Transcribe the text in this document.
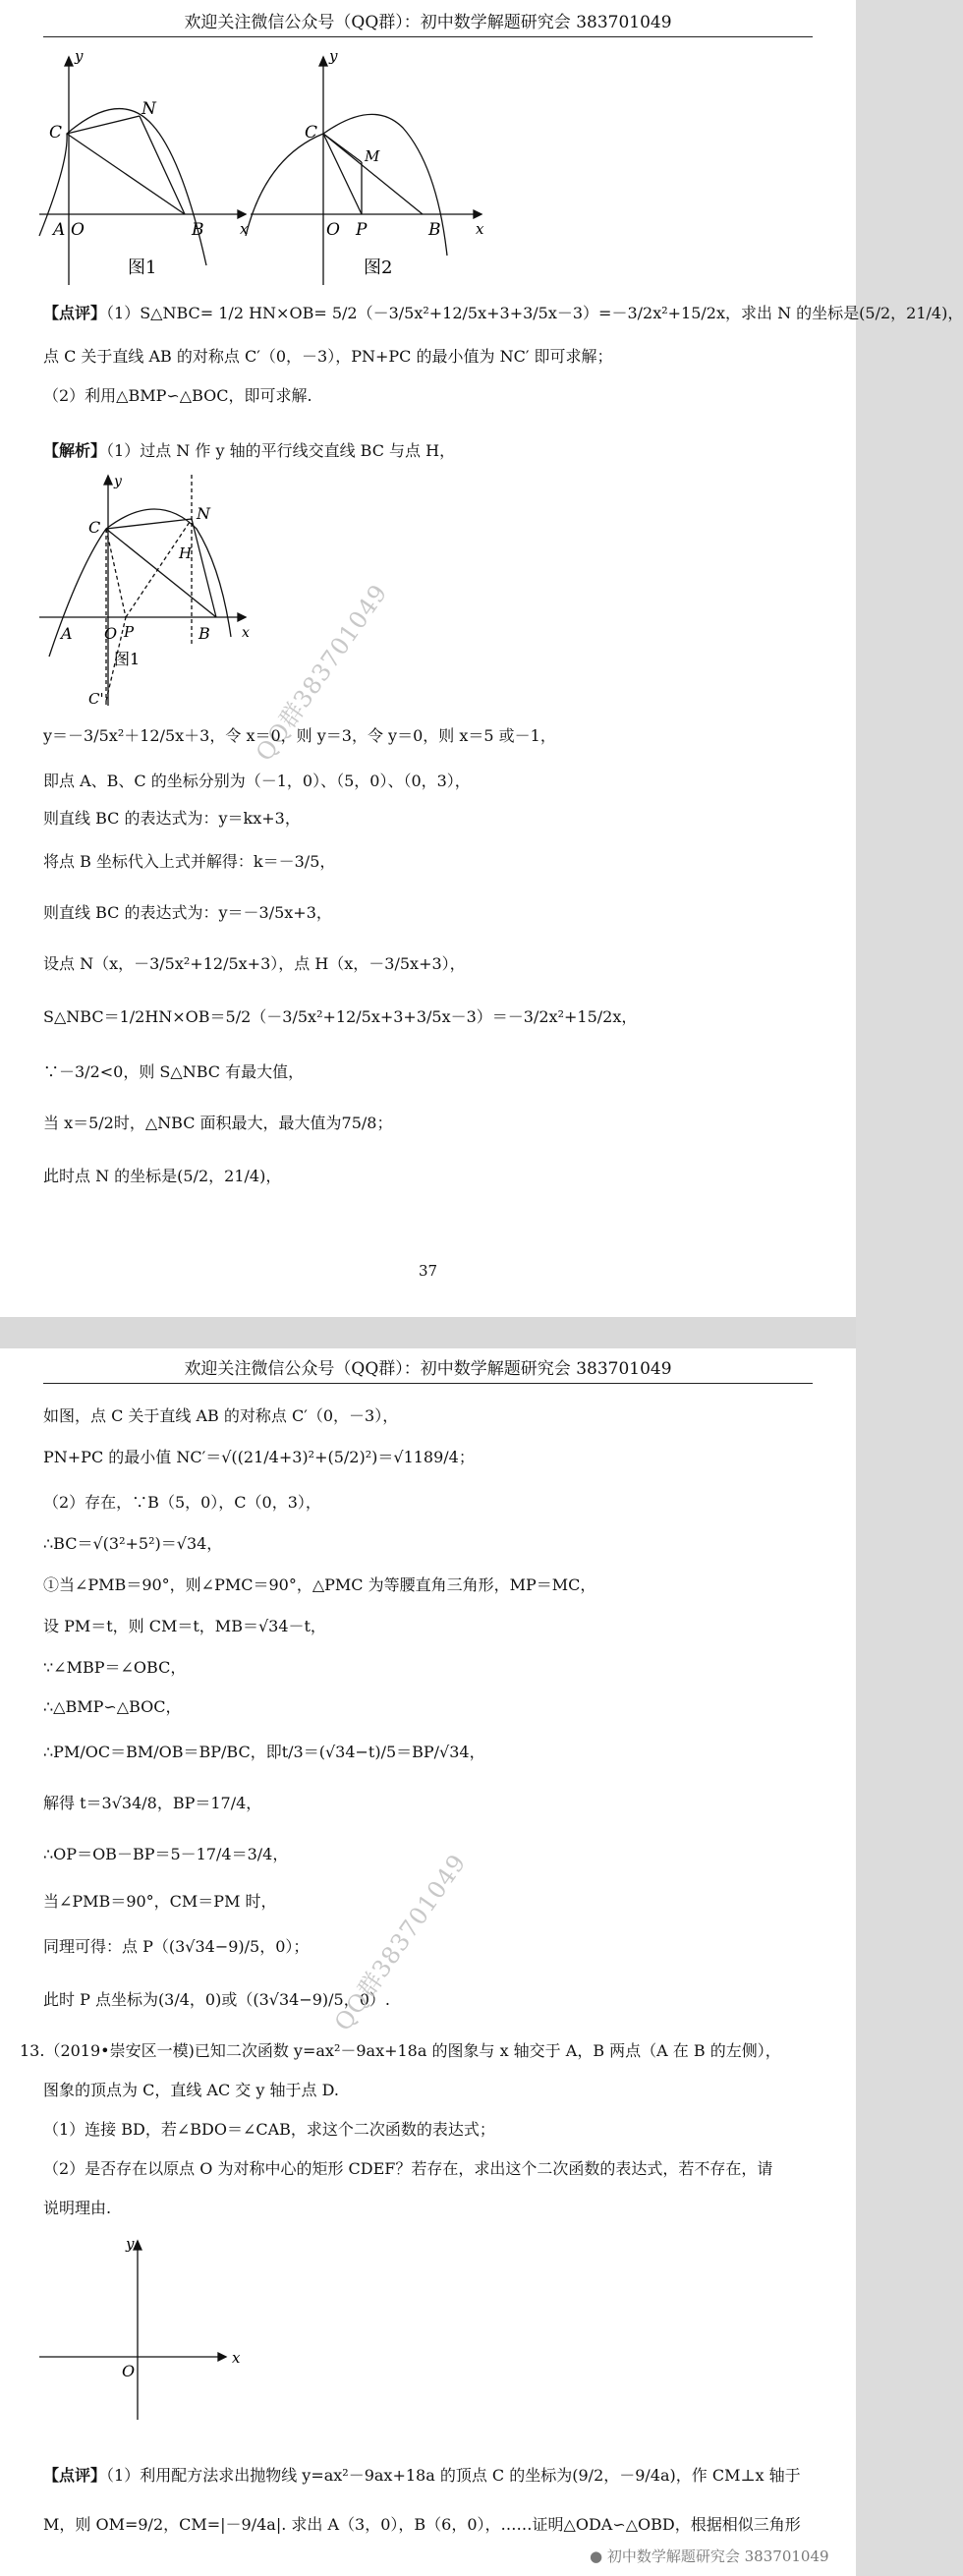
欢迎关注微信公众号（QQ群）：初中数学解题研究会 383701049
y
C
N
A O	B x
图1
y
C
M
O P	B x
图2
【点评】（1）S△NBC= 1/2 HN×OB= 5/2（－3/5x²+12/5x+3+3/5x－3）=－3/2x²+15/2x，求出 N 的坐标是(5/2，21/4)，
点 C 关于直线 AB 的对称点 C′（0，－3），PN+PC 的最小值为 NC′ 即可求解；
（2）利用△BMP∽△BOC，即可求解.
【解析】（1）过点 N 作 y 轴的平行线交直线 BC 与点 H，
y
C
N
H
A O P	B x
图1
C'	QQ群383701049
y＝－3/5x²＋12/5x＋3，令 x＝0，则 y＝3，令 y＝0，则 x＝5 或－1，
即点 A、B、C 的坐标分别为（－1，0）、（5，0）、（0，3），
则直线 BC 的表达式为：y＝kx+3，
将点 B 坐标代入上式并解得：k＝－3/5，
则直线 BC 的表达式为：y＝－3/5x+3，
设点 N（x，－3/5x²+12/5x+3），点 H（x，－3/5x+3），
S△NBC＝1/2HN×OB＝5/2（－3/5x²+12/5x+3+3/5x－3）＝－3/2x²+15/2x，
∵－3/2<0，则 S△NBC 有最大值，
当 x＝5/2时，△NBC 面积最大，最大值为75/8；
此时点 N 的坐标是(5/2，21/4)，
37
欢迎关注微信公众号（QQ群）：初中数学解题研究会 383701049
如图，点 C 关于直线 AB 的对称点 C′（0，－3），
PN+PC 的最小值 NC′＝√((21/4+3)²+(5/2)²)＝√1189/4；
（2）存在，∵B（5，0），C（0，3），
∴BC＝√(3²+5²)＝√34，
①当∠PMB＝90°，则∠PMC＝90°，△PMC 为等腰直角三角形，MP＝MC，
设 PM＝t，则 CM＝t，MB＝√34－t，
∵∠MBP＝∠OBC，
∴△BMP∽△BOC，
∴PM/OC＝BM/OB＝BP/BC，即t/3＝(√34−t)/5＝BP/√34，
解得 t＝3√34/8，BP＝17/4，
∴OP＝OB－BP＝5－17/4＝3/4，
当∠PMB＝90°，CM＝PM 时，
同理可得：点 P（(3√34−9)/5，0）；
此时 P 点坐标为(3/4，0)或（(3√34−9)/5，0）.
QQ群383701049
13.（2019•崇安区一模)已知二次函数 y=ax²－9ax+18a 的图象与 x 轴交于 A，B 两点（A 在 B 的左侧），
图象的顶点为 C，直线 AC 交 y 轴于点 D.
（1）连接 BD，若∠BDO＝∠CAB，求这个二次函数的表达式；
（2）是否存在以原点 O 为对称中心的矩形 CDEF？若存在，求出这个二次函数的表达式，若不存在，请
说明理由.
y
O
x
【点评】（1）利用配方法求出抛物线 y=ax²－9ax+18a 的顶点 C 的坐标为(9/2，－9/4a)，作 CM⊥x 轴于
M，则 OM=9/2，CM=|－9/4a|. 求出 A（3，0），B（6，0），……证明△ODA∽△OBD，根据相似三角形
● 初中数学解题研究会 383701049
